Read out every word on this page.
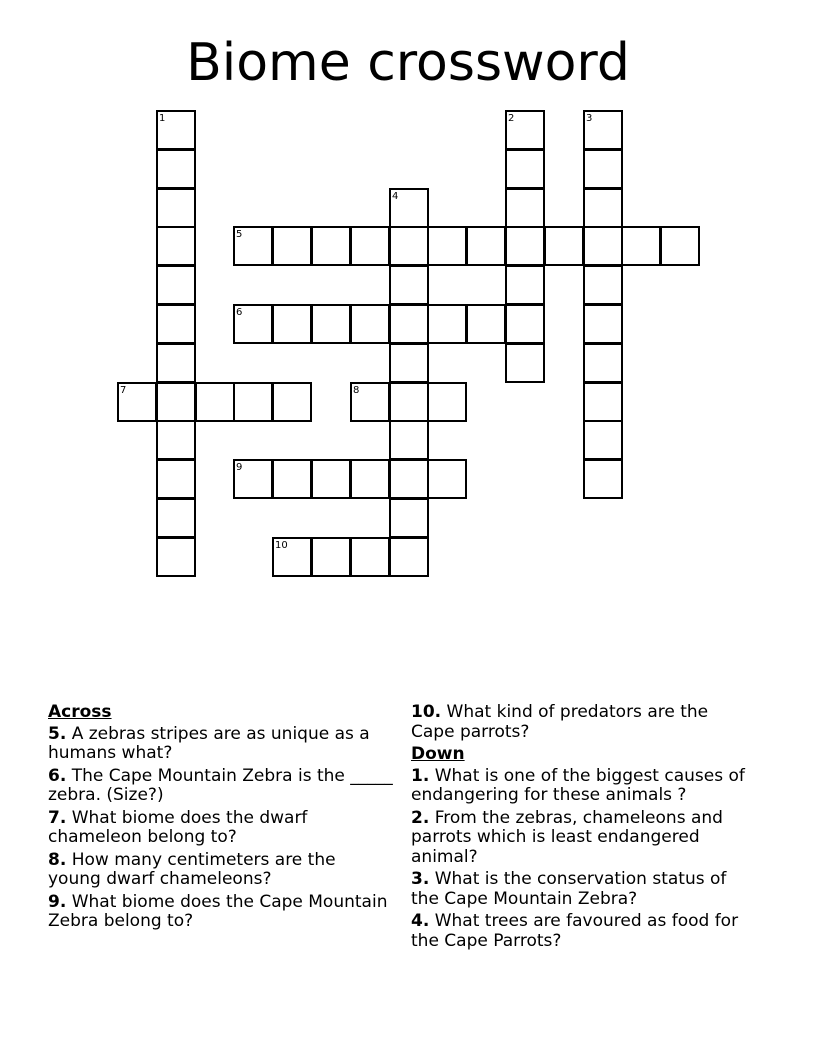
Biome crossword
1	2	3
4
5
6
7	8
9
10
Across
5. A zebras stripes are as unique as a humans what?
6. The Cape Mountain Zebra is the _____ zebra. (Size?)
7. What biome does the dwarf chameleon belong to?
8. How many centimeters are the young dwarf chameleons?
9. What biome does the Cape Mountain Zebra belong to?
10. What kind of predators are the Cape parrots?
Down
1. What is one of the biggest causes of endangering for these animals ?
2. From the zebras, chameleons and parrots which is least endangered animal?
3. What is the conservation status of the Cape Mountain Zebra?
4. What trees are favoured as food for the Cape Parrots?
